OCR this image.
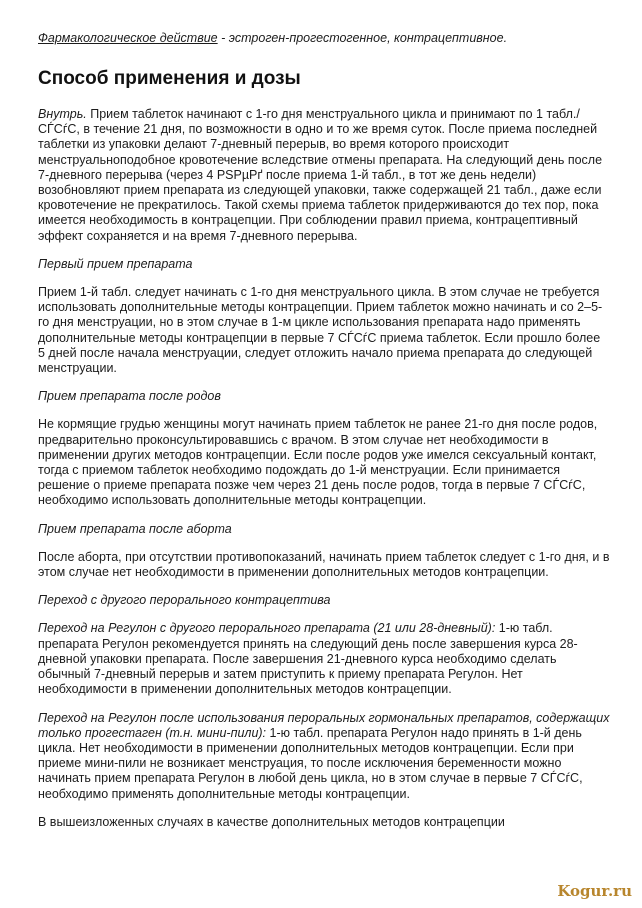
Фармакологическое действие - эстроген-прогестогенное, контрацептивное.

Способ применения и дозы

Внутрь. Прием таблеток начинают с 1-го дня менструального цикла и принимают по 1 табл./СЃСѓС, в течение 21 дня, по возможности в одно и то же время суток. После приема последней таблетки из упаковки делают 7-дневный перерыв, во время которого происходит менструальноподобное кровотечение вследствие отмены препарата. На следующий день после 7-дневного перерыва (через 4 РЅРµРґ после приема 1-й табл., в тот же день недели) возобновляют прием препарата из следующей упаковки, также содержащей 21 табл., даже если кровотечение не прекратилось. Такой схемы приема таблеток придерживаются до тех пор, пока имеется необходимость в контрацепции. При соблюдении правил приема, контрацептивный эффект сохраняется и на время 7-дневного перерыва.

Первый прием препарата

Прием 1-й табл. следует начинать с 1-го дня менструального цикла. В этом случае не требуется использовать дополнительные методы контрацепции. Прием таблеток можно начинать и со 2–5-го дня менструации, но в этом случае в 1-м цикле использования препарата надо применять дополнительные методы контрацепции в первые 7 СЃСѓС приема таблеток. Если прошло более 5 дней после начала менструации, следует отложить начало приема препарата до следующей менструации.

Прием препарата после родов

Не кормящие грудью женщины могут начинать прием таблеток не ранее 21-го дня после родов, предварительно проконсультировавшись с врачом. В этом случае нет необходимости в применении других методов контрацепции. Если после родов уже имелся сексуальный контакт, тогда с приемом таблеток необходимо подождать до 1-й менструации. Если принимается решение о приеме препарата позже чем через 21 день после родов, тогда в первые 7 СЃСѓС, необходимо использовать дополнительные методы контрацепции.

Прием препарата после аборта

После аборта, при отсутствии противопоказаний, начинать прием таблеток следует с 1-го дня, и в этом случае нет необходимости в применении дополнительных методов контрацепции.

Переход с другого перорального контрацептива

Переход на Регулон с другого перорального препарата (21 или 28-дневный): 1-ю табл. препарата Регулон рекомендуется принять на следующий день после завершения курса 28-дневной упаковки препарата. После завершения 21-дневного курса необходимо сделать обычный 7-дневный перерыв и затем приступить к приему препарата Регулон. Нет необходимости в применении дополнительных методов контрацепции.

Переход на Регулон после использования пероральных гормональных препаратов, содержащих только прогестаген (т.н. мини-пили): 1-ю табл. препарата Регулон надо принять в 1-й день цикла. Нет необходимости в применении дополнительных методов контрацепции. Если при приеме мини-пили не возникает менструация, то после исключения беременности можно начинать прием препарата Регулон в любой день цикла, но в этом случае в первые 7 СЃСѓС, необходимо применять дополнительные методы контрацепции.

В вышеизложенных случаях в качестве дополнительных методов контрацепции

Kogur.ru
